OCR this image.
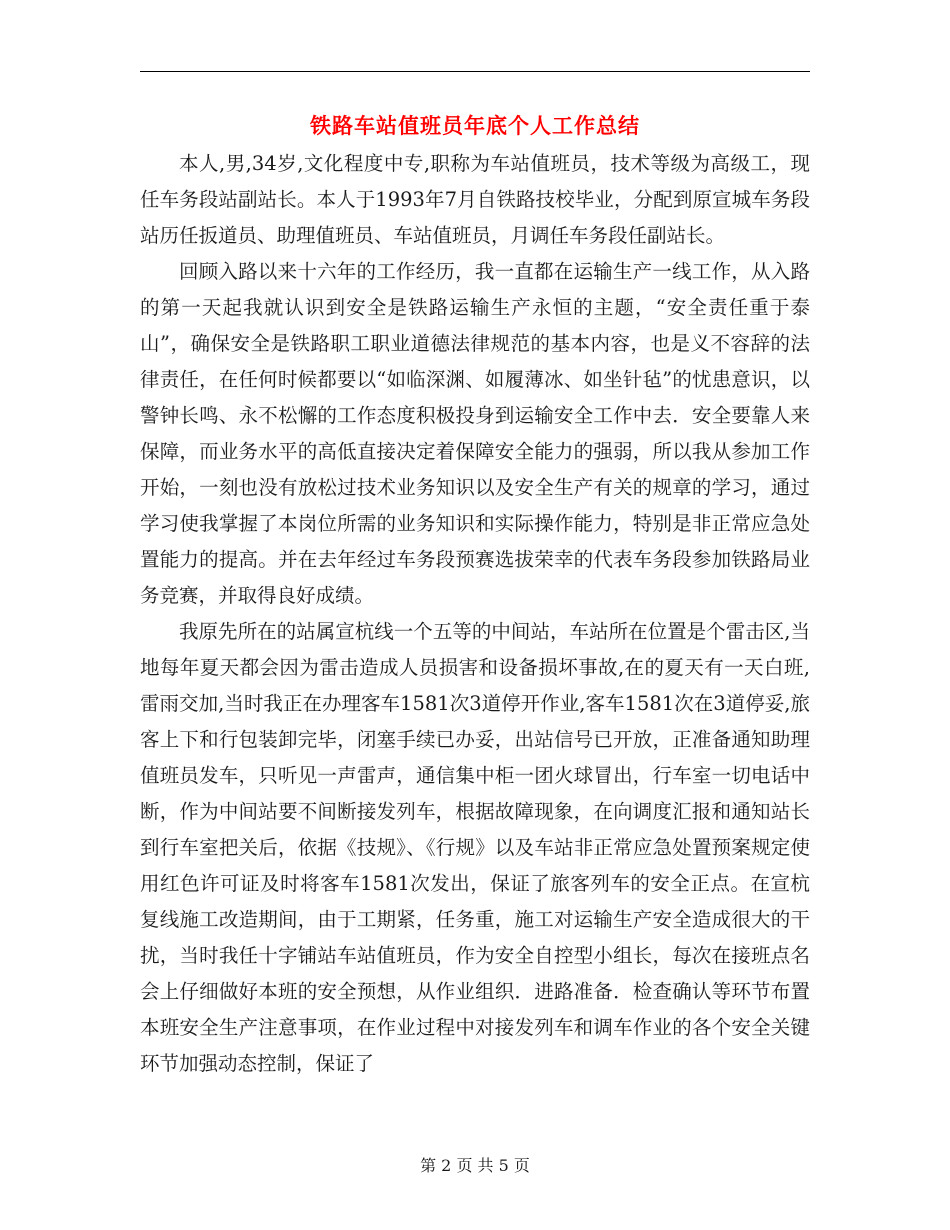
铁路车站值班员年底个人工作总结

本人,男,34岁,文化程度中专,职称为车站值班员，技术等级为高级工，现任车务段站副站长。本人于1993年7月自铁路技校毕业，分配到原宣城车务段站历任扳道员、助理值班员、车站值班员，月调任车务段任副站长。

回顾入路以来十六年的工作经历，我一直都在运输生产一线工作，从入路的第一天起我就认识到安全是铁路运输生产永恒的主题，“安全责任重于泰山”，确保安全是铁路职工职业道德法律规范的基本内容，也是义不容辞的法律责任，在任何时候都要以“如临深渊、如履薄冰、如坐针毡”的忧患意识，以警钟长鸣、永不松懈的工作态度积极投身到运输安全工作中去．安全要靠人来保障，而业务水平的高低直接决定着保障安全能力的强弱，所以我从参加工作开始，一刻也没有放松过技术业务知识以及安全生产有关的规章的学习，通过学习使我掌握了本岗位所需的业务知识和实际操作能力，特别是非正常应急处置能力的提高。并在去年经过车务段预赛选拔荣幸的代表车务段参加铁路局业务竞赛，并取得良好成绩。

我原先所在的站属宣杭线一个五等的中间站，车站所在位置是个雷击区,当地每年夏天都会因为雷击造成人员损害和设备损坏事故,在的夏天有一天白班,雷雨交加,当时我正在办理客车1581次3道停开作业,客车1581次在3道停妥,旅客上下和行包装卸完毕，闭塞手续已办妥，出站信号已开放，正准备通知助理值班员发车，只听见一声雷声，通信集中柜一团火球冒出，行车室一切电话中断，作为中间站要不间断接发列车，根据故障现象，在向调度汇报和通知站长到行车室把关后，依据《技规》、《行规》以及车站非正常应急处置预案规定使用红色许可证及时将客车1581次发出，保证了旅客列车的安全正点。在宣杭复线施工改造期间，由于工期紧，任务重，施工对运输生产安全造成很大的干扰，当时我任十字铺站车站值班员，作为安全自控型小组长，每次在接班点名会上仔细做好本班的安全预想，从作业组织．进路准备．检查确认等环节布置本班安全生产注意事项，在作业过程中对接发列车和调车作业的各个安全关键环节加强动态控制，保证了

第 2 页 共 5 页
